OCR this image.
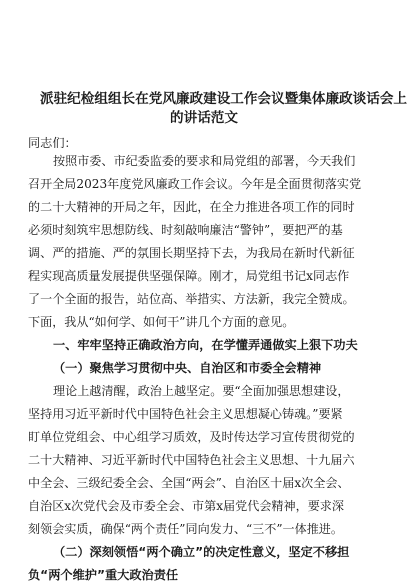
派驻纪检组组长在党风廉政建设工作会议暨集体廉政谈话会上
的讲话范文
同志们：
按照市委、市纪委监委的要求和局党组的部署，今天我们
召开全局2023年度党风廉政工作会议。今年是全面贯彻落实党
的二十大精神的开局之年，因此，在全力推进各项工作的同时
必须时刻筑牢思想防线、时刻敲响廉洁“警钟”，要把严的基
调、严的措施、严的氛围长期坚持下去，为我局在新时代新征
程实现高质量发展提供坚强保障。刚才，局党组书记x同志作
了一个全面的报告，站位高、举措实、方法新，我完全赞成。
下面，我从“如何学、如何干”讲几个方面的意见。
一、牢牢坚持正确政治方向，在学懂弄通做实上狠下功夫
（一）聚焦学习贯彻中央、自治区和市委全会精神
理论上越清醒，政治上越坚定。要“全面加强思想建设，
坚持用习近平新时代中国特色社会主义思想凝心铸魂。”要紧
盯单位党组会、中心组学习质效，及时传达学习宣传贯彻党的
二十大精神、习近平新时代中国特色社会主义思想、十九届六
中全会、三级纪委全会、全国“两会”、自治区十届x次全会、
自治区x次党代会及市委全会、市第x届党代会精神，要求深
刻领会实质，确保“两个责任”同向发力、“三不”一体推进。
（二）深刻领悟“两个确立”的决定性意义，坚定不移担
负“两个维护”重大政治责任
